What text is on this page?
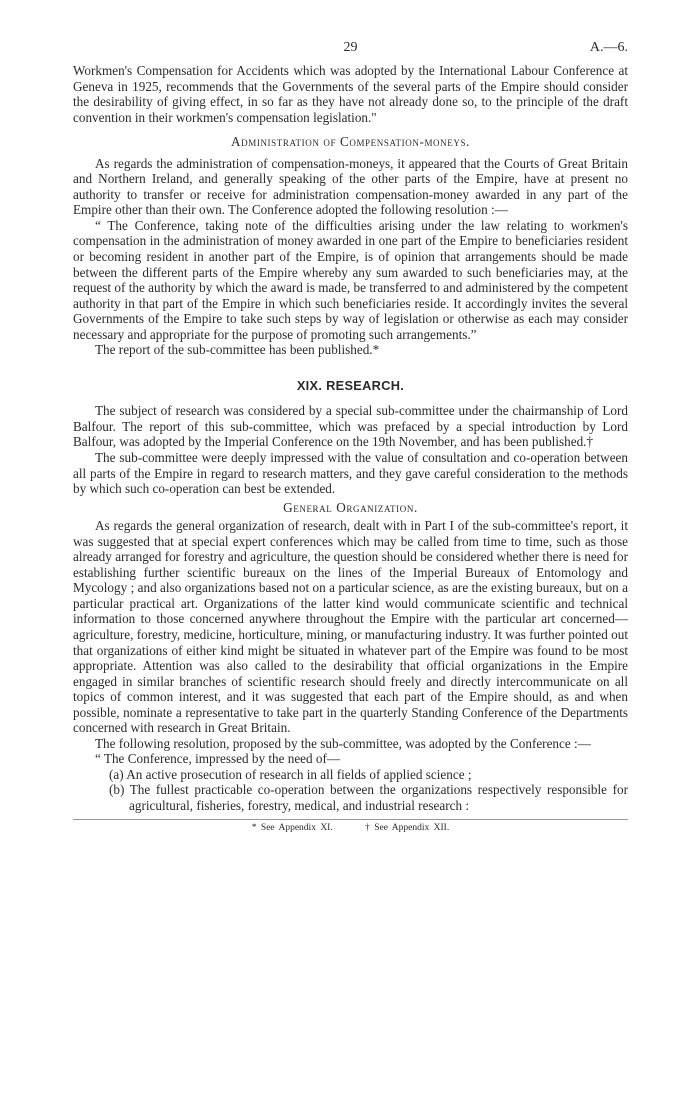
29	A.—6.

Workmen's Compensation for Accidents which was adopted by the International Labour Conference at Geneva in 1925, recommends that the Governments of the several parts of the Empire should consider the desirability of giving effect, in so far as they have not already done so, to the principle of the draft convention in their workmen's compensation legislation."

Administration of Compensation-moneys.

As regards the administration of compensation-moneys, it appeared that the Courts of Great Britain and Northern Ireland, and generally speaking of the other parts of the Empire, have at present no authority to transfer or receive for administration compensation-money awarded in any part of the Empire other than their own. The Conference adopted the following resolution :—

“ The Conference, taking note of the difficulties arising under the law relating to workmen's compensation in the administration of money awarded in one part of the Empire to beneficiaries resident or becoming resident in another part of the Empire, is of opinion that arrangements should be made between the different parts of the Empire whereby any sum awarded to such beneficiaries may, at the request of the authority by which the award is made, be transferred to and administered by the competent authority in that part of the Empire in which such beneficiaries reside. It accordingly invites the several Governments of the Empire to take such steps by way of legislation or otherwise as each may consider necessary and appropriate for the purpose of promoting such arrangements.”

The report of the sub-committee has been published.*

XIX. RESEARCH.

The subject of research was considered by a special sub-committee under the chairmanship of Lord Balfour. The report of this sub-committee, which was prefaced by a special introduction by Lord Balfour, was adopted by the Imperial Conference on the 19th November, and has been published.†

The sub-committee were deeply impressed with the value of consultation and co-operation between all parts of the Empire in regard to research matters, and they gave careful consideration to the methods by which such co-operation can best be extended.

General Organization.

As regards the general organization of research, dealt with in Part I of the sub-committee's report, it was suggested that at special expert conferences which may be called from time to time, such as those already arranged for forestry and agriculture, the question should be considered whether there is need for establishing further scientific bureaux on the lines of the Imperial Bureaux of Entomology and Mycology ; and also organizations based not on a particular science, as are the existing bureaux, but on a particular practical art. Organizations of the latter kind would communicate scientific and technical information to those concerned anywhere throughout the Empire with the particular art concerned—agriculture, forestry, medicine, horticulture, mining, or manufacturing industry. It was further pointed out that organizations of either kind might be situated in whatever part of the Empire was found to be most appropriate. Attention was also called to the desirability that official organizations in the Empire engaged in similar branches of scientific research should freely and directly intercommunicate on all topics of common interest, and it was suggested that each part of the Empire should, as and when possible, nominate a representative to take part in the quarterly Standing Conference of the Departments concerned with research in Great Britain.

The following resolution, proposed by the sub-committee, was adopted by the Conference :—

“ The Conference, impressed by the need of—

(a) An active prosecution of research in all fields of applied science ;

(b) The fullest practicable co-operation between the organizations respectively responsible for agricultural, fisheries, forestry, medical, and industrial research :

* See Appendix XI.	† See Appendix XII.
